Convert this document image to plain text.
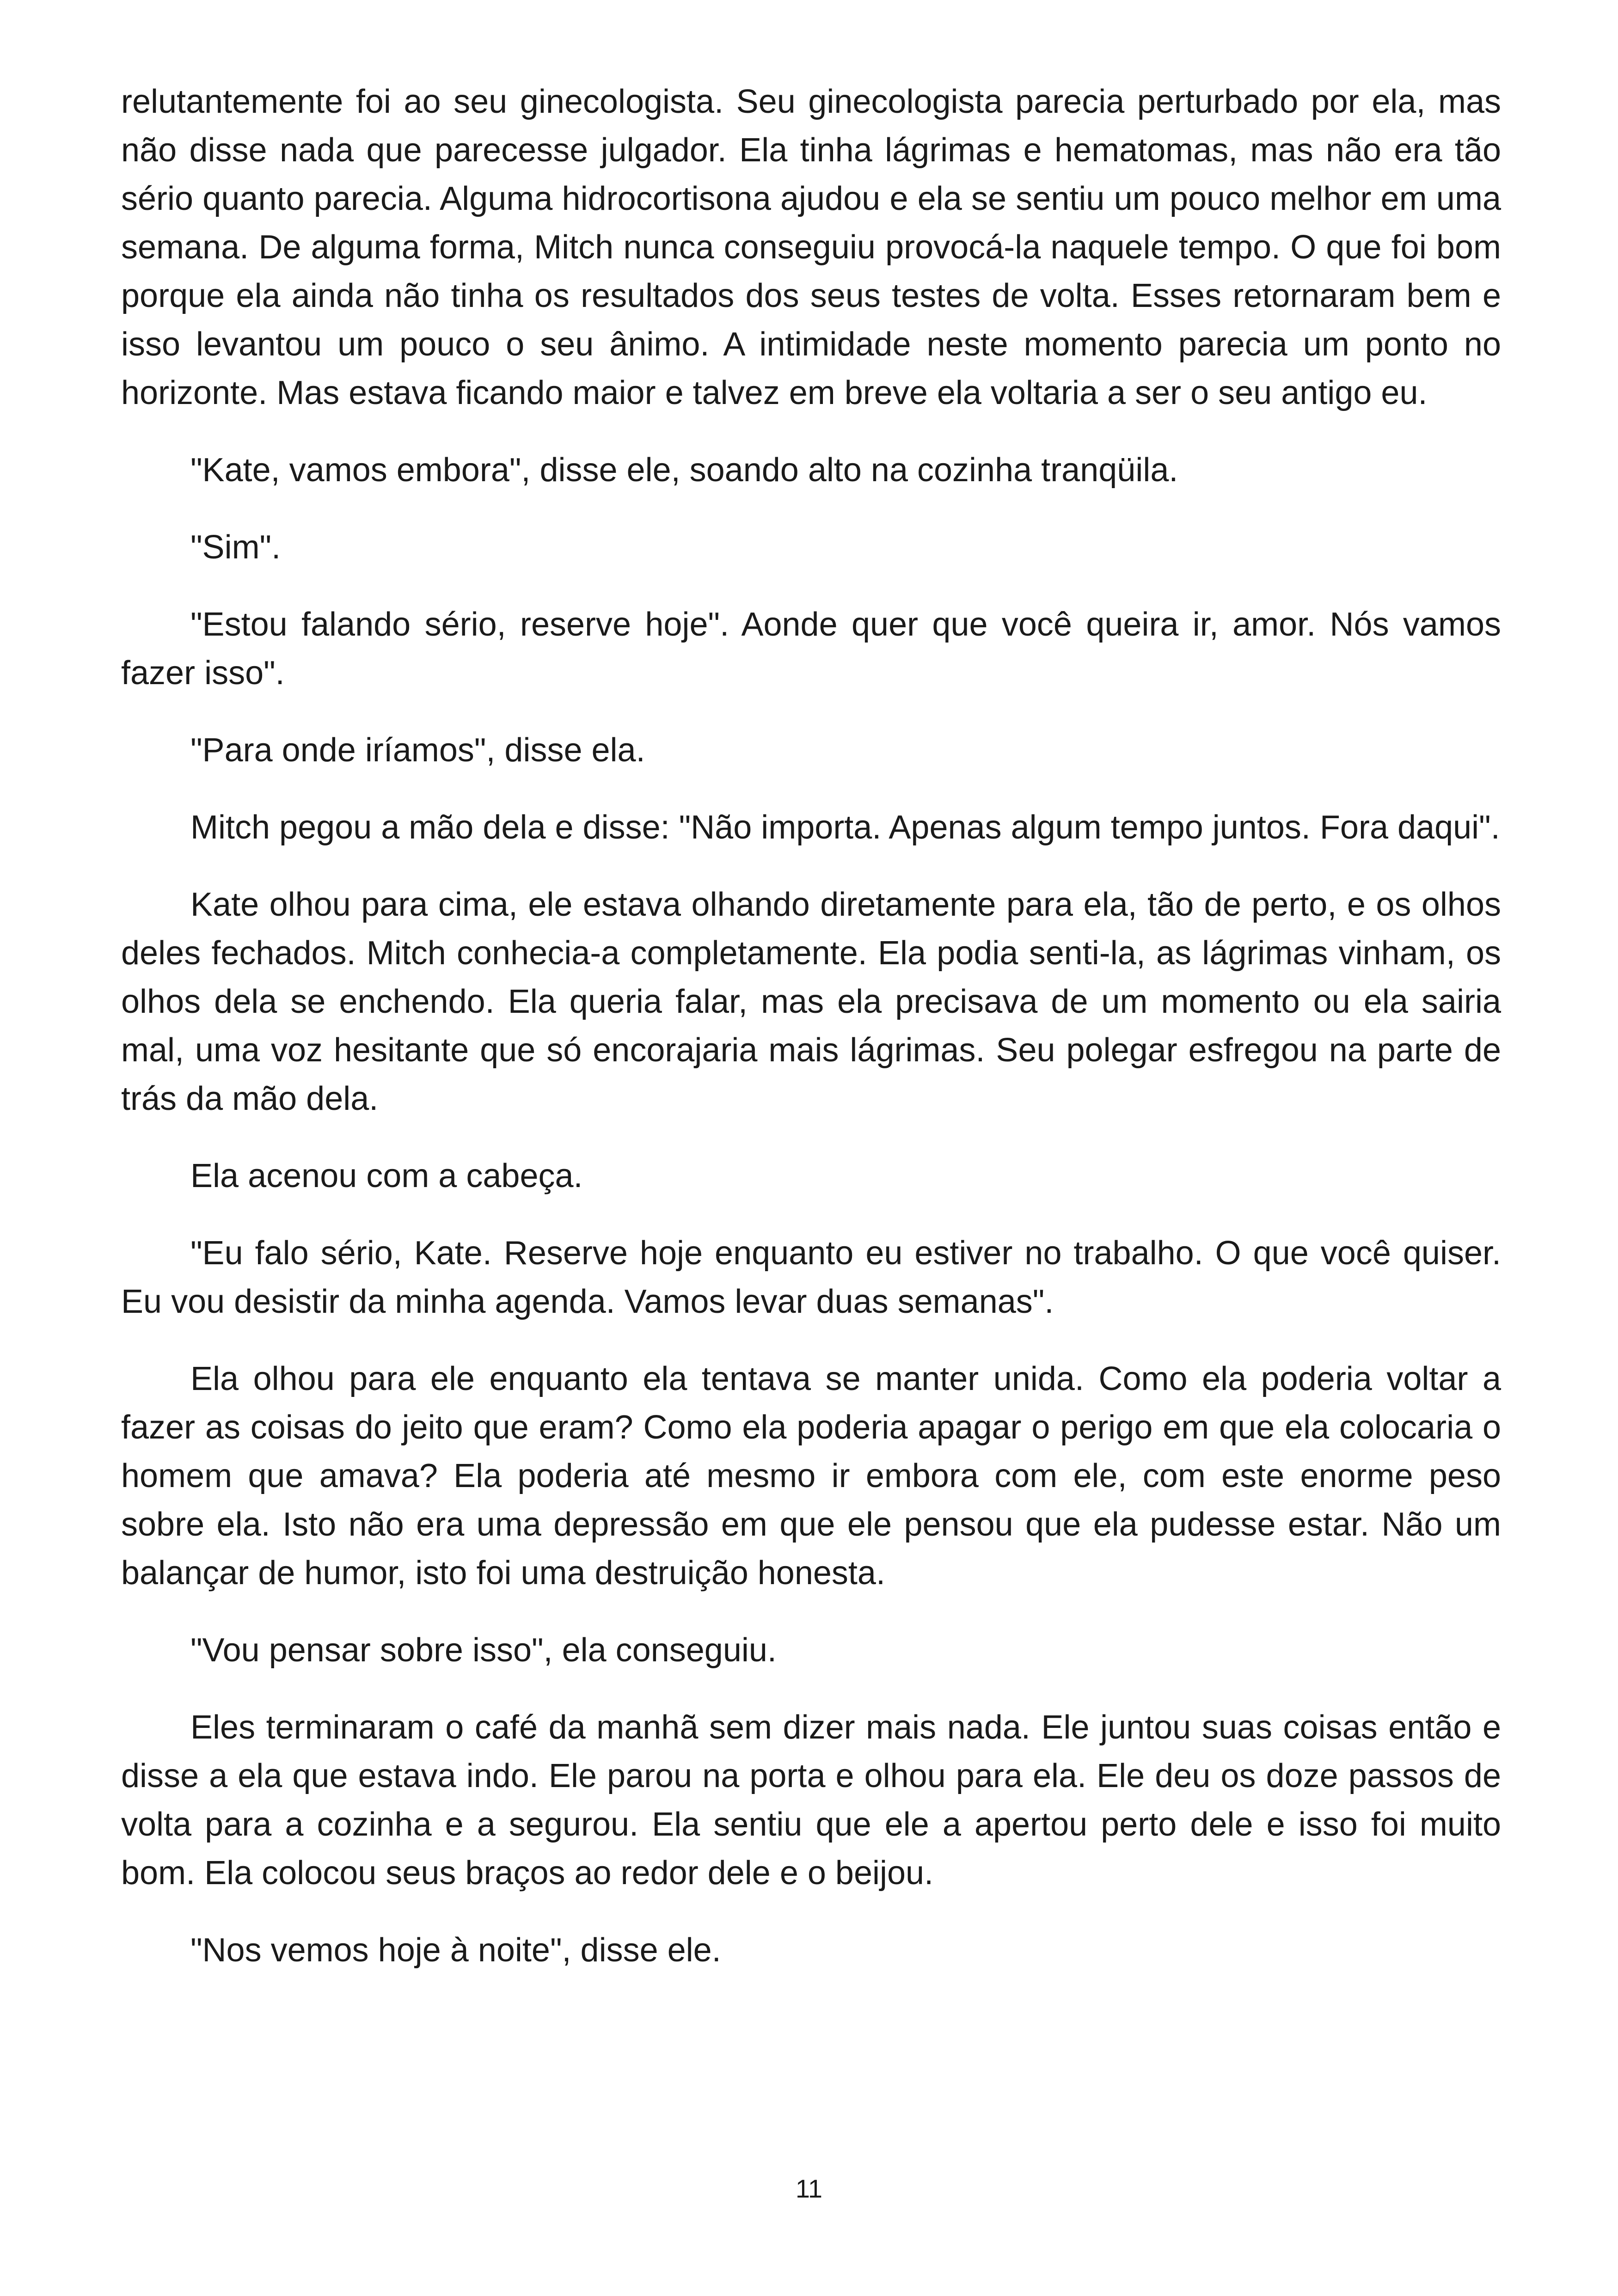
relutantemente foi ao seu ginecologista. Seu ginecologista parecia perturbado por ela, mas não disse nada que parecesse julgador. Ela tinha lágrimas e hematomas, mas não era tão sério quanto parecia. Alguma hidrocortisona ajudou e ela se sentiu um pouco melhor em uma semana. De alguma forma, Mitch nunca conseguiu provocá-la naquele tempo. O que foi bom porque ela ainda não tinha os resultados dos seus testes de volta. Esses retornaram bem e isso levantou um pouco o seu ânimo. A intimidade neste momento parecia um ponto no horizonte. Mas estava ficando maior e talvez em breve ela voltaria a ser o seu antigo eu.

"Kate, vamos embora", disse ele, soando alto na cozinha tranqüila.

"Sim".

"Estou falando sério, reserve hoje". Aonde quer que você queira ir, amor. Nós vamos fazer isso".

"Para onde iríamos", disse ela.

Mitch pegou a mão dela e disse: "Não importa. Apenas algum tempo juntos. Fora daqui".

Kate olhou para cima, ele estava olhando diretamente para ela, tão de perto, e os olhos deles fechados. Mitch conhecia-a completamente. Ela podia senti-la, as lágrimas vinham, os olhos dela se enchendo. Ela queria falar, mas ela precisava de um momento ou ela sairia mal, uma voz hesitante que só encorajaria mais lágrimas. Seu polegar esfregou na parte de trás da mão dela.

Ela acenou com a cabeça.

"Eu falo sério, Kate. Reserve hoje enquanto eu estiver no trabalho. O que você quiser. Eu vou desistir da minha agenda. Vamos levar duas semanas".

Ela olhou para ele enquanto ela tentava se manter unida. Como ela poderia voltar a fazer as coisas do jeito que eram? Como ela poderia apagar o perigo em que ela colocaria o homem que amava? Ela poderia até mesmo ir embora com ele, com este enorme peso sobre ela. Isto não era uma depressão em que ele pensou que ela pudesse estar. Não um balançar de humor, isto foi uma destruição honesta.

"Vou pensar sobre isso", ela conseguiu.

Eles terminaram o café da manhã sem dizer mais nada. Ele juntou suas coisas então e disse a ela que estava indo. Ele parou na porta e olhou para ela. Ele deu os doze passos de volta para a cozinha e a segurou. Ela sentiu que ele a apertou perto dele e isso foi muito bom. Ela colocou seus braços ao redor dele e o beijou.

"Nos vemos hoje à noite", disse ele.

11
